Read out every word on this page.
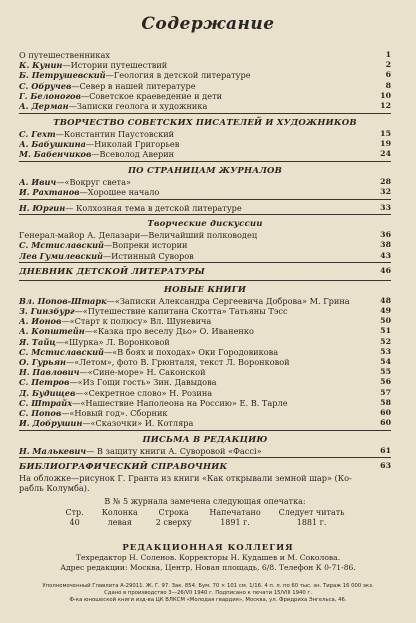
Содержание
О путешественниках	1
К. Кунин—Истории путешествий	2
Б. Петрушевский—Геология в детской литературе	6
С. Обручев—Север в нашей литературе	8
Г. Белоногов—Советское краеведение и дети	10
А. Дерман—Записки геолога и художника	12
ТВОРЧЕСТВО СОВЕТСКИХ ПИСАТЕЛЕЙ И ХУДОЖНИКОВ
С. Гехт—Константин Паустовский	15
А. Бабушкина—Николай Григорьев	19
М. Бабенчиков—Всеволод Аверин	24
ПО СТРАНИЦАМ ЖУРНАЛОВ
А. Ивич—«Вокруг света»	28
И. Рахтанов—Хорошее начало	32
Н. Юргин— Колхозная тема в детской литературе	33
Творческие дискуссии
Генерал-майор А. Делазари—Величайший полководец	36
С. Мстиславский—Вопреки истории	38
Лев Гумилевский—Истинный Суворов	43
ДНЕВНИК ДЕТСКОЙ ЛИТЕРАТУРЫ	46
НОВЫЕ КНИГИ
Вл. Попов-Штарк—«Записки Александра Сергеевича Доброва» М. Грина	48
З. Гинзбург—«Путешествие капитана Скотта» Татьяны Тэсс	49
А. Ионов—«Старт к полюсу» Вл. Шуневича	50
А. Копштейн—«Казка про веселу Дьо» О. Иваненко	51
Я. Тайц—«Шурка» Л. Воронковой	52
С. Мстиславский—«В боях и походах» Оки Городовикова	53
О. Гурьян—«Летом», фото В. Грюнталя, текст Л. Воронковой	54
Н. Павлович—«Сине-море» Н. Саконской	55
С. Петров—«Из Гощи гость» Зин. Давыдова	56
Д. Будищев—«Секретное слово» Н. Розина	57
С. Штрайх—«Нашествие Наполеона на Россию» Е. В. Тарле	58
С. Попов—«Новый год». Сборник	60
И. Добрушин—«Сказочки» И. Котляра	60
ПИСЬМА В РЕДАКЦИЮ
Н. Малькевич— В защиту книги А. Суворовой «Фассі»	61
БИБЛИОГРАФИЧЕСКИЙ СПРАВОЧНИК	63
На обложке—рисунок Г. Гранта из книги «Как открывали земной шар» (Ко-рабль Колумба).
В № 5 журнала замечена следующая опечатка:
Стр.	Колонка	Строка	Напечатано	Следует читать
40	левая	2 сверху	1891 г.	1881 г.
РЕДАКЦИОННАЯ КОЛЛЕГИЯ
Техредактор Н. Соленов. Корректоры Н. Кудашев и М. Соколова.
Адрес редакции: Москва, Центр, Новая площадь, 6/8. Телефон К 0-71-86.
Уполномоченный Главлита А-29011. Ж. Г. 97. Зак. 854. Бум. 70 × 101 см. 1/16. 4 п. л. по 60 тыс. зн. Тираж 16 000 экз.
Сдано в производство 3—26/VII 1940 г. Подписано к печати 15/VIII 1940 г.
Ф-ка юношеской книги изд-ва ЦК ВЛКСМ «Молодая гвардия», Москва, ул. Фридриха Энгельса, 46.
